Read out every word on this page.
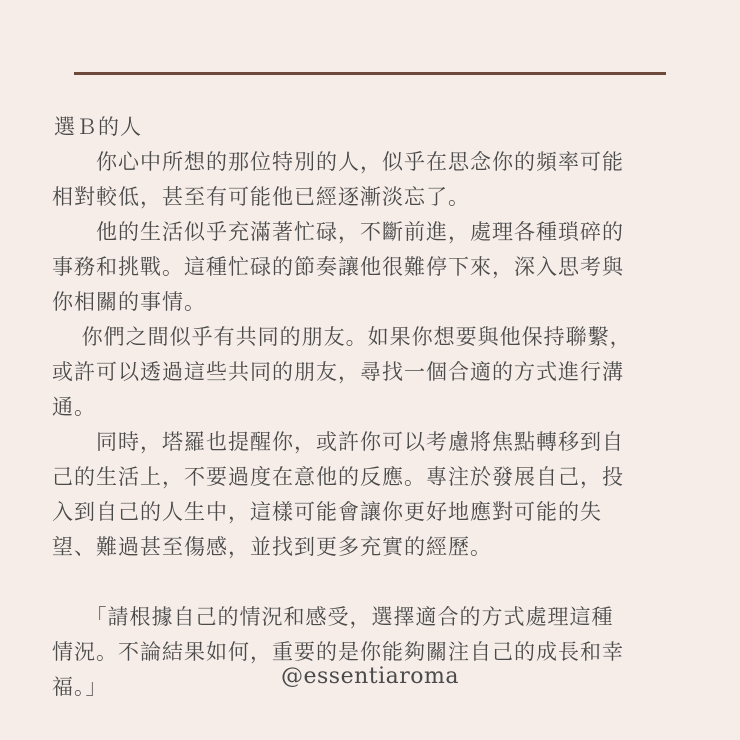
選Ｂ的人

　　你心中所想的那位特別的人，似乎在思念你的頻率可能

相對較低，甚至有可能他已經逐漸淡忘了。

　　他的生活似乎充滿著忙碌，不斷前進，處理各種瑣碎的

事務和挑戰。這種忙碌的節奏讓他很難停下來，深入思考與

你相關的事情。

　 你們之間似乎有共同的朋友。如果你想要與他保持聯繫，

或許可以透過這些共同的朋友，尋找一個合適的方式進行溝

通。

　　同時，塔羅也提醒你，或許你可以考慮將焦點轉移到自

己的生活上，不要過度在意他的反應。專注於發展自己，投

入到自己的人生中，這樣可能會讓你更好地應對可能的失

望、難過甚至傷感，並找到更多充實的經歷。

　　「請根據自己的情況和感受，選擇適合的方式處理這種

情況。不論結果如何，重要的是你能夠關注自己的成長和幸

福。」	@essentiaroma
